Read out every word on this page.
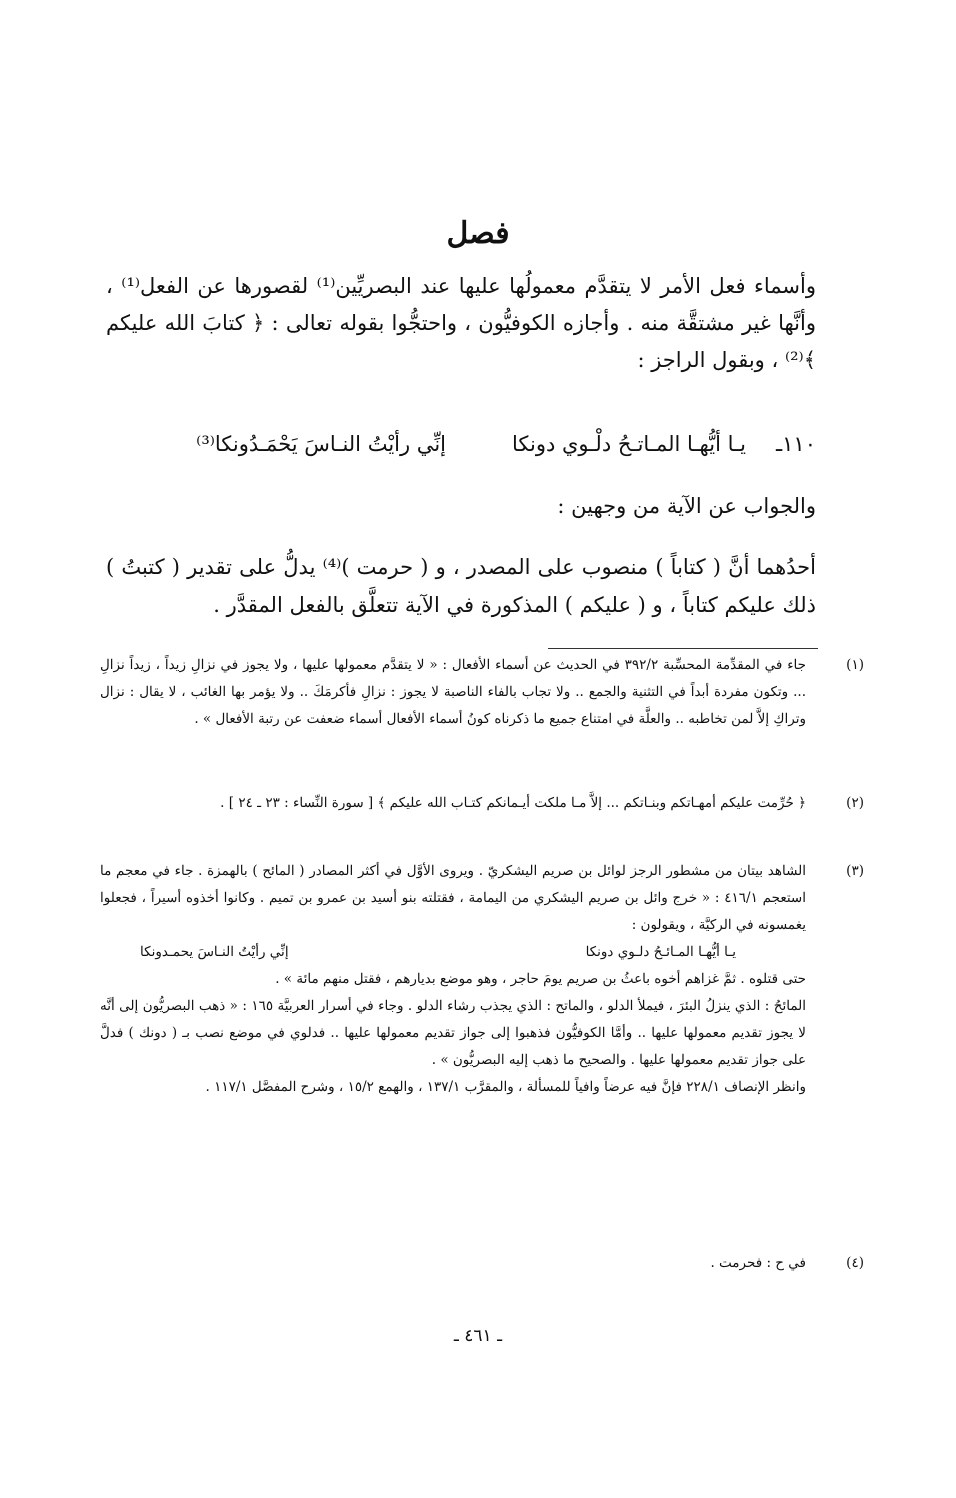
فصل

وأسماء فعل الأمر لا يتقدَّم معمولُها عليها عند البصريِّين⁽¹⁾ لقصورها عن الفعل⁽¹⁾ ، وأنَّها غير مشتقَّة منه . وأجازه الكوفيُّون ، واحتجُّوا بقوله تعالى : ﴿ كتابَ الله عليكم ﴾⁽²⁾ ، وبقول الراجز :

١١٠ـ
يـا أيُّهـا المـاتـحُ دلْـوي دونكا
إنِّي رأيْتُ النـاسَ يَحْمَـدُونكا⁽³⁾
والجواب عن الآية من وجهين :
أحدُهما أنَّ ( كتاباً ) منصوب على المصدر ، و ( حرمت )⁽⁴⁾ يدلُّ على تقدير ( كتبتُ ) ذلك عليكم كتاباً ، و ( عليكم ) المذكورة في الآية تتعلَّق بالفعل المقدَّر .
(١)
جاء في المقدِّمة المحسِّبة ٣٩٢/٢ في الحديث عن أسماء الأفعال : « لا يتقدَّم معمولها عليها ، ولا يجوز في نزالِ زيداً ، زيداً نزالِ ... وتكون مفردة أبداً في التثنية والجمع .. ولا تجاب بالفاء الناصبة لا يجوز : نزالِ فأكرمَكَ .. ولا يؤمر بها الغائب ، لا يقال : نزال وتراكِ إلاَّ لمن تخاطبه .. والعلَّة في امتناع جميع ما ذكرناه كونُ أسماء الأفعال أسماء ضعفت عن رتبة الأفعال » .
(٢)
﴿ حُرِّمت عليكم أمهـاتكم وبنـاتكم ... إلاَّ مـا ملكت أيـمانكم كتـاب الله عليكم ﴾ [ سورة النِّساء : ٢٣ ـ ٢٤ ] .
(٣)

الشاهد بيتان من مشطور الرجز لوائل بن صريم اليشكريّ . ويروى الأوَّل في أكثر المصادر ( المائح ) بالهمزة . جاء في معجم ما استعجم ٤١٦/١ : « خرج وائل بن صريم اليشكري من اليمامة ، فقتلته بنو أسيد بن عمرو بن تميم . وكانوا أخذوه أسيراً ، فجعلوا يغمسونه في الركيَّة ، ويقولون :

يـا أيُّهـا المـائـحُ دلـوي دونكا
إنِّي رأيْتُ النـاسَ يحمـدونكا

حتى قتلوه . ثمَّ غزاهم أخوه باعثُ بن صريم يومَ حاجر ، وهو موضع بديارهم ، فقتل منهم مائة » .

المائحُ : الذي ينزلُ البئرَ ، فيملأ الدلو ، والماتح : الذي يجذب رشاء الدلو . وجاء في أسرار العربيَّة ١٦٥ : « ذهب البصريُّون إلى أنَّه لا يجوز تقديم معمولها عليها .. وأمَّا الكوفيُّون فذهبوا إلى جواز تقديم معمولها عليها .. فدلوي في موضع نصب بـ ( دونك ) فدلَّ على جواز تقديم معمولها عليها . والصحيح ما ذهب إليه البصريُّون » .

وانظر الإنصاف ٢٢٨/١ فإنَّ فيه عرضاً وافياً للمسألة ، والمقرَّب ١٣٧/١ ، والهمع ١٥/٢ ، وشرح المفصَّل ١١٧/١ .

(٤)
في ح : فحرمت .
ـ ٤٦١ ـ
